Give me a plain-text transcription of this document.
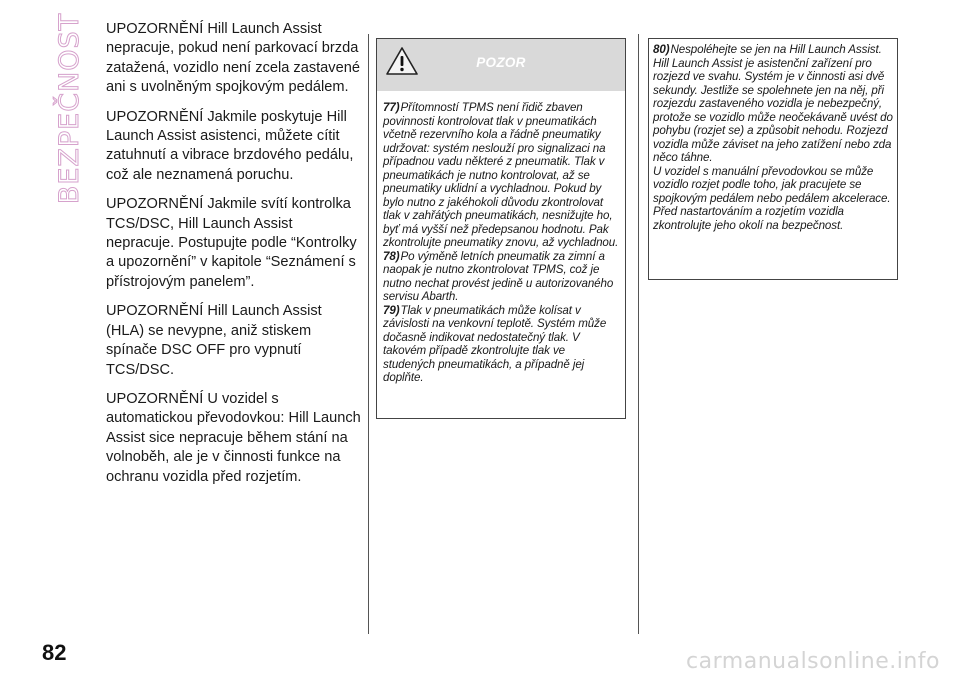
BEZPEČNOST UPOZORNĚNÍ Hill Launch Assist nepracuje, pokud není parkovací brzda zatažená, vozidlo není zcela zastavené ani s uvolněným spojkovým pedálem.

UPOZORNĚNÍ Jakmile poskytuje Hill Launch Assist asistenci, můžete cítit zatuhnutí a vibrace brzdového pedálu, což ale neznamená poruchu.

UPOZORNĚNÍ Jakmile svítí kontrolka TCS/DSC, Hill Launch Assist nepracuje. Postupujte podle “Kontrolky a upozornění” v kapitole “Seznámení s přístrojovým panelem”.

UPOZORNĚNÍ Hill Launch Assist (HLA) se nevypne, aniž stiskem spínače DSC OFF pro vypnutí TCS/DSC.

UPOZORNĚNÍ U vozidel s automatickou převodovkou: Hill Launch Assist sice nepracuje během stání na volnoběh, ale je v činnosti funkce na ochranu vozidla před rozjetím.

POZOR

77)Přítomností TPMS není řidič zbaven povinnosti kontrolovat tlak v pneumatikách včetně rezervního kola a řádně pneumatiky udržovat: systém neslouží pro signalizaci na případnou vadu některé z pneumatik. Tlak v pneumatikách je nutno kontrolovat, až se pneumatiky uklidní a vychladnou. Pokud by bylo nutno z jakéhokoli důvodu zkontrolovat tlak v zahřátých pneumatikách, nesnižujte ho, byť má vyšší než předepsanou hodnotu. Pak zkontrolujte pneumatiky znovu, až vychladnou.

78)Po výměně letních pneumatik za zimní a naopak je nutno zkontrolovat TPMS, což je nutno nechat provést jedině u autorizovaného servisu Abarth.

79)Tlak v pneumatikách může kolísat v závislosti na venkovní teplotě. Systém může dočasně indikovat nedostatečný tlak. V takovém případě zkontrolujte tlak ve studených pneumatikách, a případně jej doplňte.

80)Nespoléhejte se jen na Hill Launch Assist. Hill Launch Assist je asistenční zařízení pro rozjezd ve svahu. Systém je v činnosti asi dvě sekundy. Jestliže se spolehnete jen na něj, při rozjezdu zastaveného vozidla je nebezpečný, protože se vozidlo může neočekávaně uvést do pohybu (rozjet se) a způsobit nehodu. Rozjezd vozidla může záviset na jeho zatížení nebo zda něco táhne.

U vozidel s manuální převodovkou se může vozidlo rozjet podle toho, jak pracujete se spojkovým pedálem nebo pedálem akcelerace. Před nastartováním a rozjetím vozidla zkontrolujte jeho okolí na bezpečnost.

82	carmanualsonline.info
